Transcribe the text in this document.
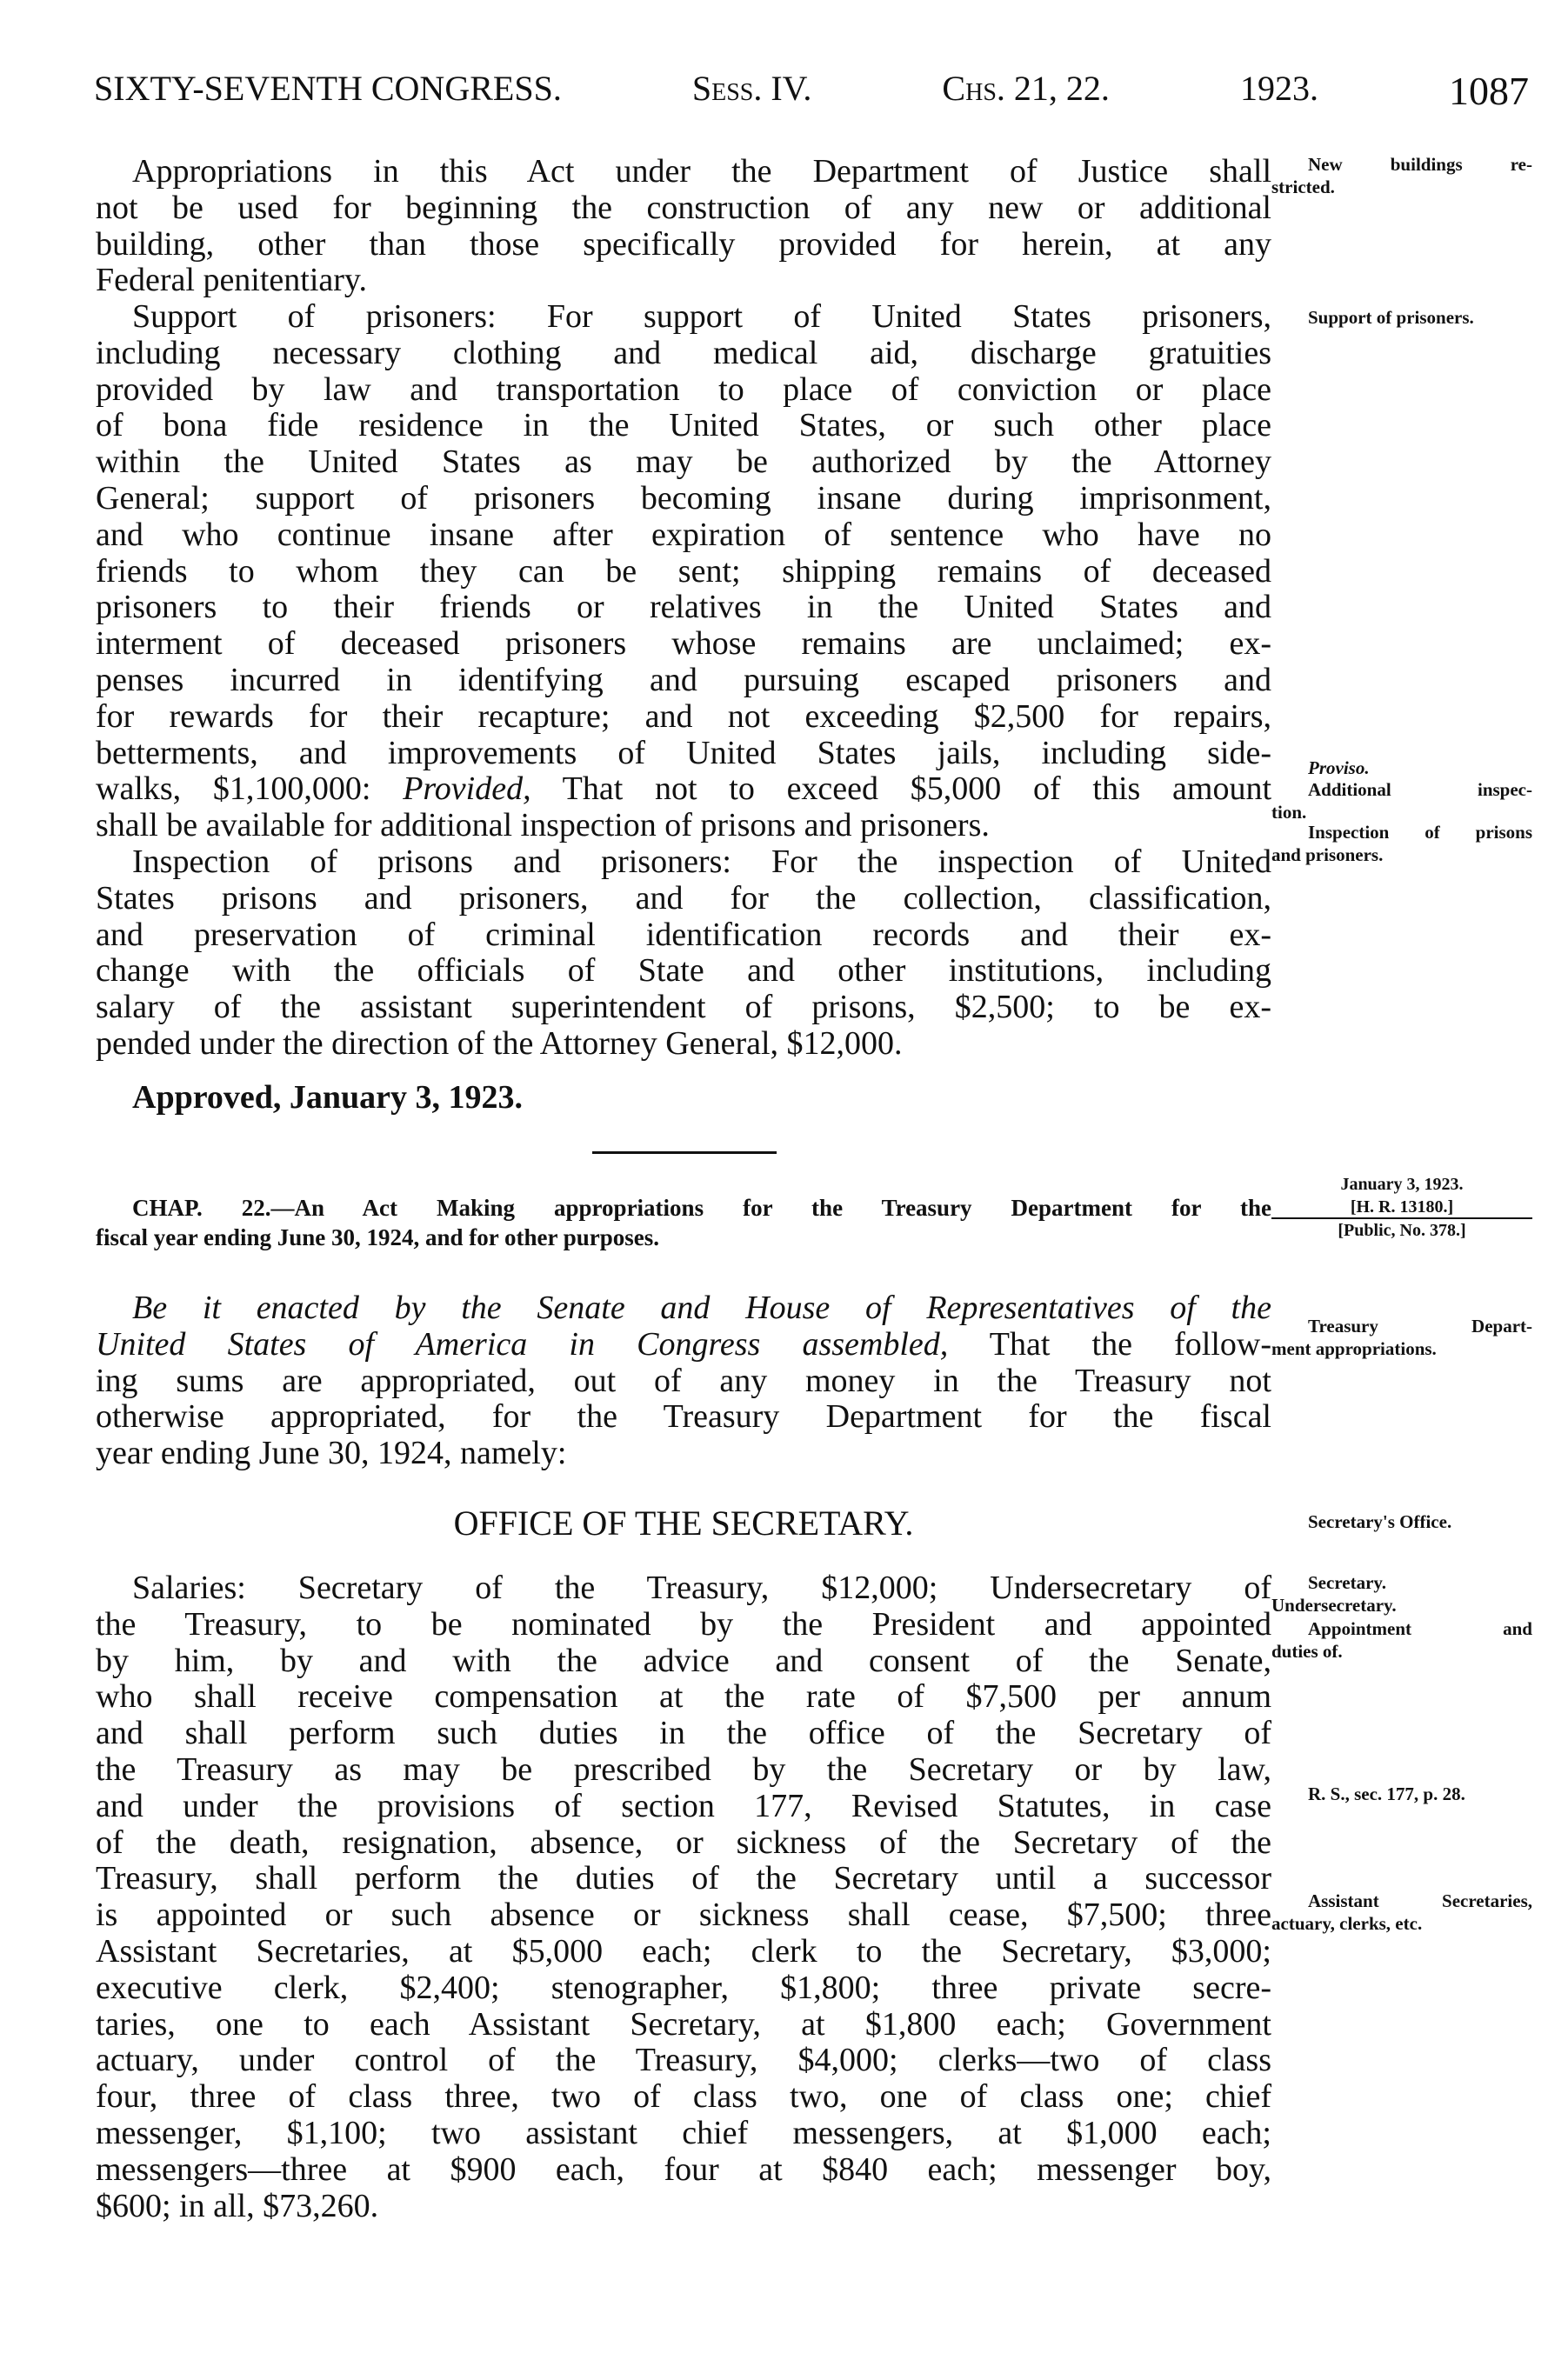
SIXTY-SEVENTH CONGRESS.	Sess. IV.	Chs. 21, 22.	1923.	1087
Appropriations in this Act under the Department of Justice shall
not be used for beginning the construction of any new or additional
building, other than those specifically provided for herein, at any
Federal penitentiary.
Support of prisoners: For support of United States prisoners,
including necessary clothing and medical aid, discharge gratuities
provided by law and transportation to place of conviction or place
of bona fide residence in the United States, or such other place
within the United States as may be authorized by the Attorney
General; support of prisoners becoming insane during imprisonment,
and who continue insane after expiration of sentence who have no
friends to whom they can be sent; shipping remains of deceased
prisoners to their friends or relatives in the United States and
interment of deceased prisoners whose remains are unclaimed; ex-
penses incurred in identifying and pursuing escaped prisoners and
for rewards for their recapture; and not exceeding $2,500 for repairs,
betterments, and improvements of United States jails, including side-
walks, $1,100,000: Provided, That not to exceed $5,000 of this amount
shall be available for additional inspection of prisons and prisoners.
Inspection of prisons and prisoners: For the inspection of United
States prisons and prisoners, and for the collection, classification,
and preservation of criminal identification records and their ex-
change with the officials of State and other institutions, including
salary of the assistant superintendent of prisons, $2,500; to be ex-
pended under the direction of the Attorney General, $12,000.
Approved, January 3, 1923.
CHAP. 22.—An Act Making appropriations for the Treasury Department for the
fiscal year ending June 30, 1924, and for other purposes.
Be it enacted by the Senate and House of Representatives of the
United States of America in Congress assembled, That the follow-
ing sums are appropriated, out of any money in the Treasury not
otherwise appropriated, for the Treasury Department for the fiscal
year ending June 30, 1924, namely:
OFFICE OF THE SECRETARY.
Salaries: Secretary of the Treasury, $12,000; Undersecretary of
the Treasury, to be nominated by the President and appointed
by him, by and with the advice and consent of the Senate,
who shall receive compensation at the rate of $7,500 per annum
and shall perform such duties in the office of the Secretary of
the Treasury as may be prescribed by the Secretary or by law,
and under the provisions of section 177, Revised Statutes, in case
of the death, resignation, absence, or sickness of the Secretary of the
Treasury, shall perform the duties of the Secretary until a successor
is appointed or such absence or sickness shall cease, $7,500; three
Assistant Secretaries, at $5,000 each; clerk to the Secretary, $3,000;
executive clerk, $2,400; stenographer, $1,800; three private secre-
taries, one to each Assistant Secretary, at $1,800 each; Government
actuary, under control of the Treasury, $4,000; clerks—two of class
four, three of class three, two of class two, one of class one; chief
messenger, $1,100; two assistant chief messengers, at $1,000 each;
messengers—three at $900 each, four at $840 each; messenger boy,
$600; in all, $73,260.
New buildings re-
stricted.
Support of prisoners.
Proviso.
Additional inspec-
tion.
Inspection of prisons
and prisoners.
January 3, 1923.
[H. R. 13180.]
[Public, No. 378.]
Treasury Depart-
ment appropriations.
Secretary's Office.
Secretary.
Undersecretary.
Appointment and
duties of.
R. S., sec. 177, p. 28.
Assistant Secretaries,
actuary, clerks, etc.
